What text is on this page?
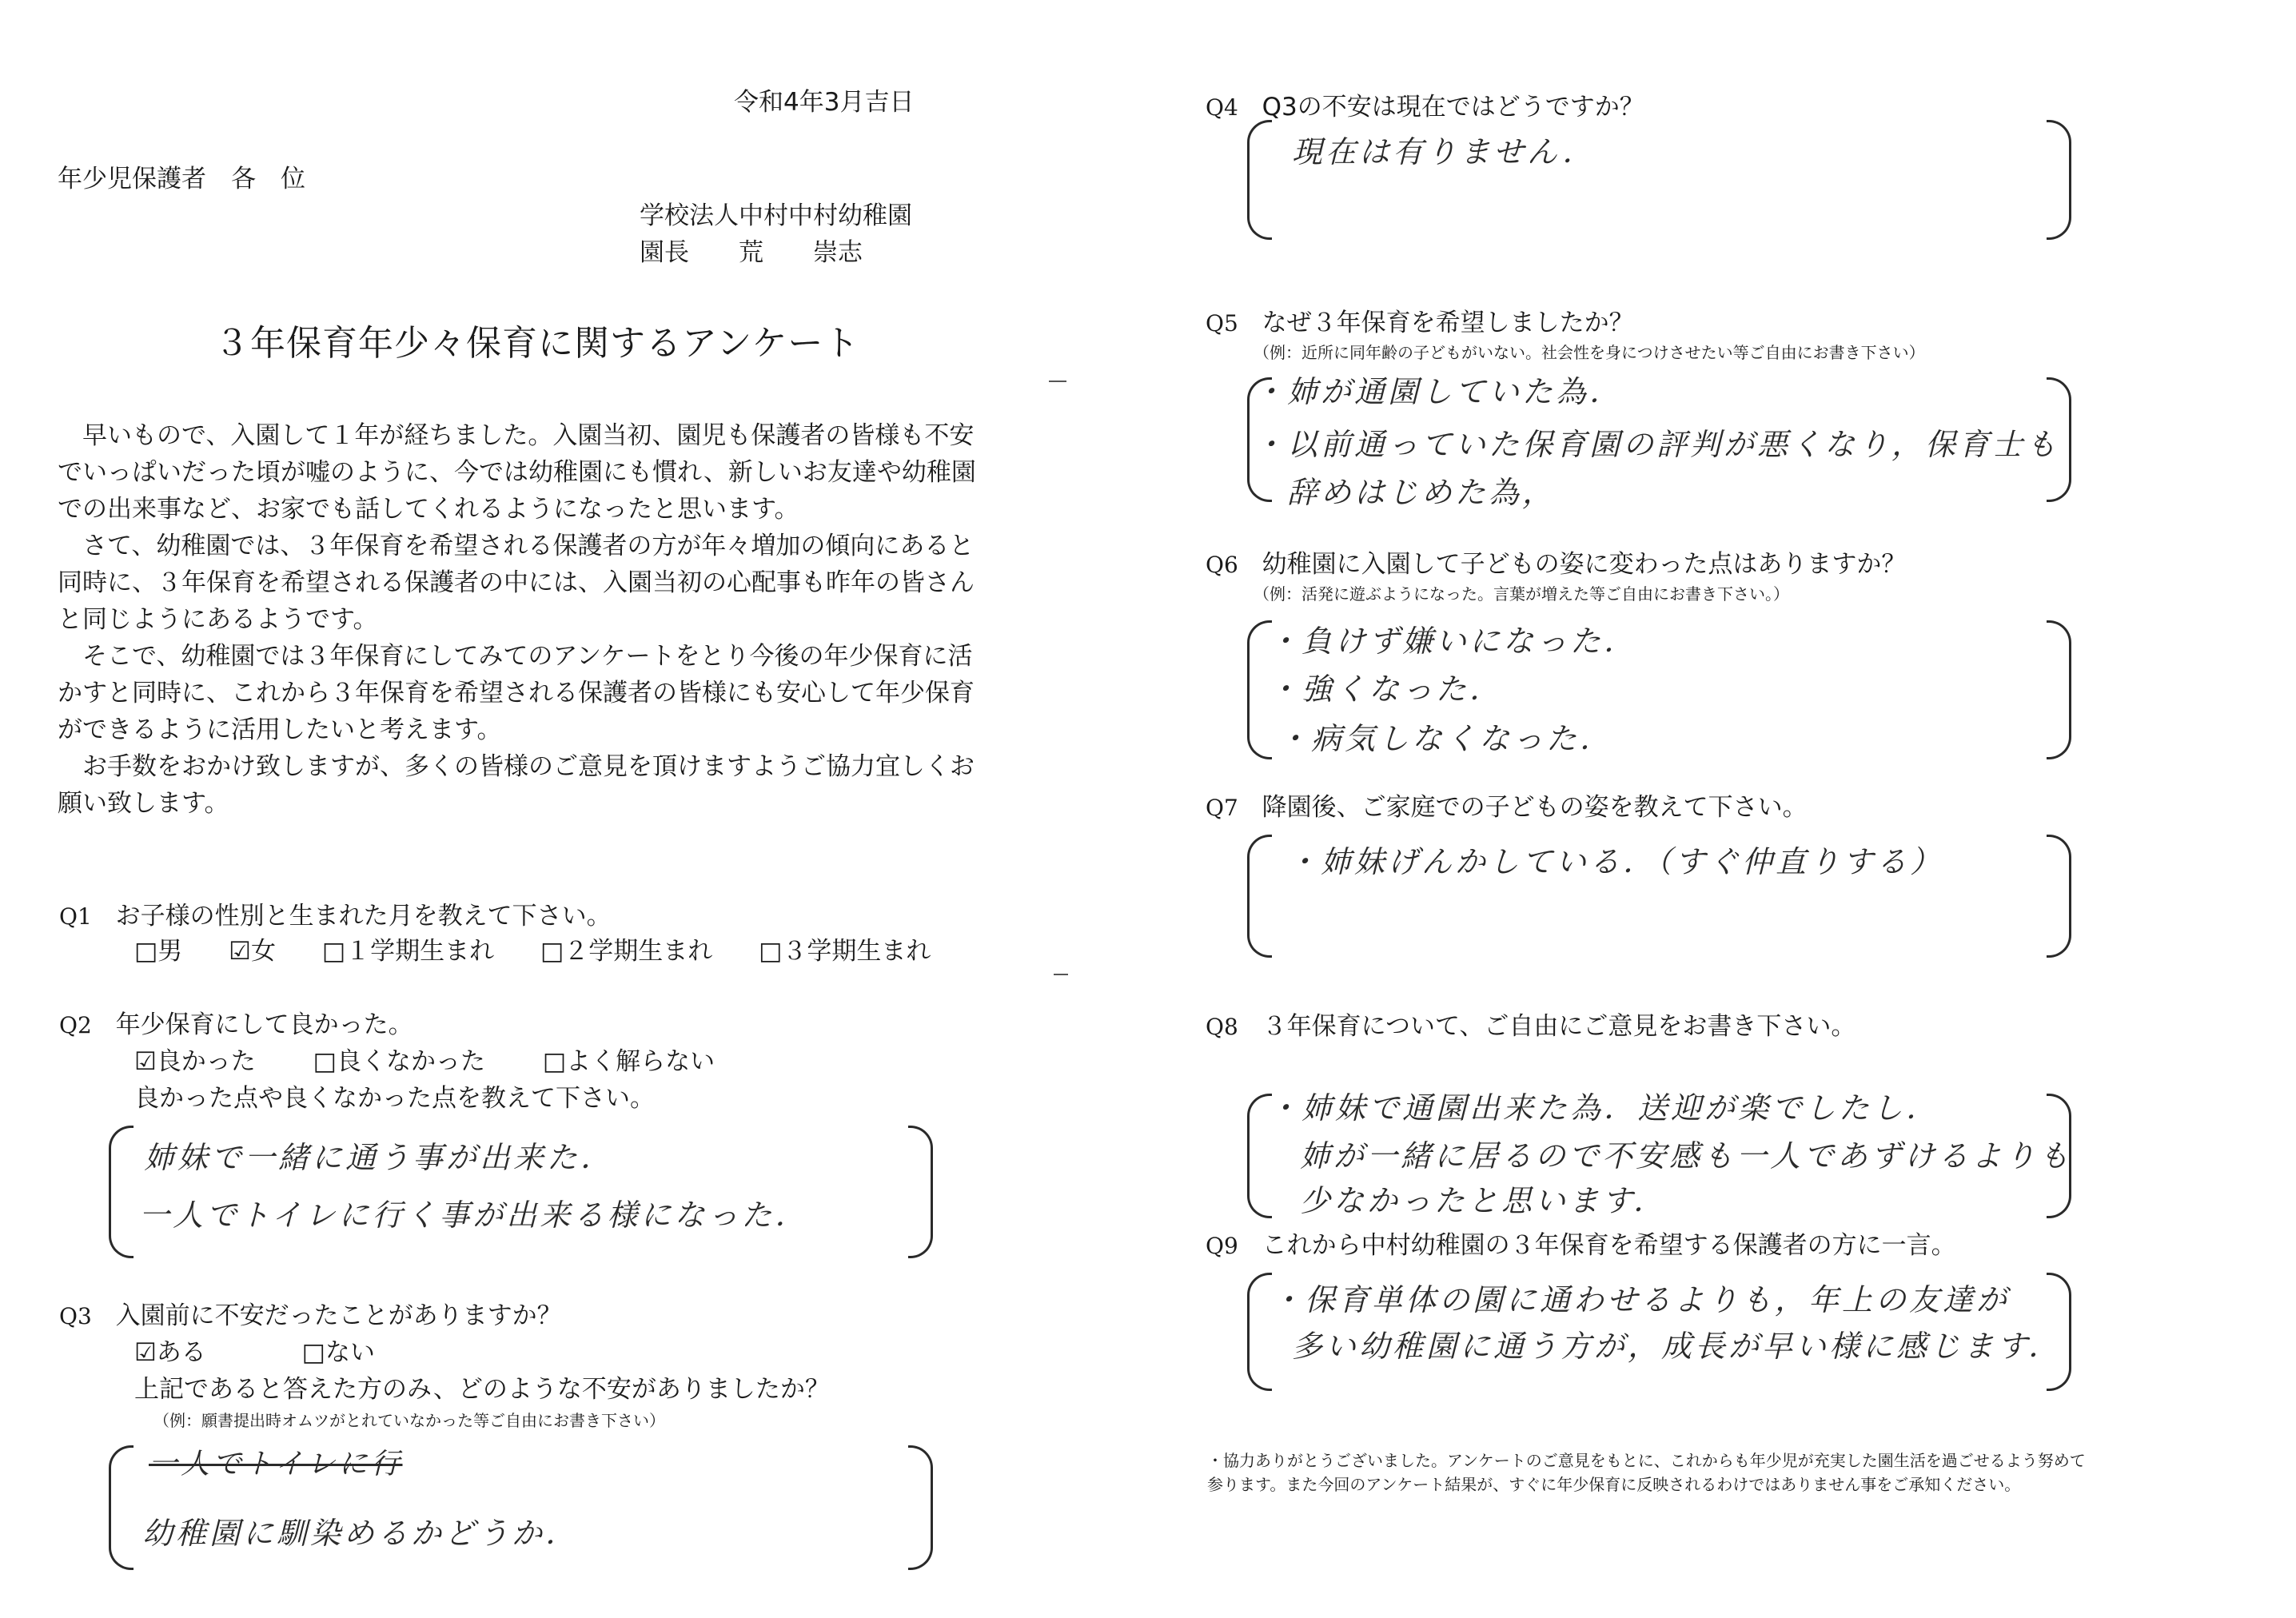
令和4年3月吉日
年少児保護者　各　位
学校法人中村中村幼稚園
園長　　荒　　崇志
３年保育年少々保育に関するアンケート
早いもので、入園して１年が経ちました。入園当初、園児も保護者の皆様も不安でいっぱいだった頃が嘘のように、今では幼稚園にも慣れ、新しいお友達や幼稚園での出来事など、お家でも話してくれるようになったと思います。
さて、幼稚園では、３年保育を希望される保護者の方が年々増加の傾向にあると同時に、３年保育を希望される保護者の中には、入園当初の心配事も昨年の皆さんと同じようにあるようです。
そこで、幼稚園では３年保育にしてみてのアンケートをとり今後の年少保育に活かすと同時に、これから３年保育を希望される保護者の皆様にも安心して年少保育ができるように活用したいと考えます。
お手数をおかけ致しますが、多くの皆様のご意見を頂けますようご協力宜しくお願い致します。
Q1 お子様の性別と生まれた月を教えて下さい。
□男 ☑女 □１学期生まれ □２学期生まれ □３学期生まれ
Q2 年少保育にして良かった。
☑良かった □良くなかった □よく解らない
良かった点や良くなかった点を教えて下さい。
姉妹で一緒に通う事が出来た．
一人でトイレに行く事が出来る様になった．
Q3 入園前に不安だったことがありますか？
☑ある	□ない
上記であると答えた方のみ、どのような不安がありましたか？
（例：願書提出時オムツがとれていなかった等ご自由にお書き下さい）
一人でトイレに行
幼稚園に馴染めるかどうか．
Q4 Q3の不安は現在ではどうですか？
現在は有りません．
Q5 なぜ３年保育を希望しましたか？
（例：近所に同年齢の子どもがいない。社会性を身につけさせたい等ご自由にお書き下さい）
・姉が通園していた為．
・以前通っていた保育園の評判が悪くなり，保育士も
辞めはじめた為，
Q6 幼稚園に入園して子どもの姿に変わった点はありますか？
（例：活発に遊ぶようになった。言葉が増えた等ご自由にお書き下さい。）
・負けず嫌いになった．
・強くなった．
・病気しなくなった．
Q7 降園後、ご家庭での子どもの姿を教えて下さい。
・姉妹げんかしている．（すぐ仲直りする）
Q8 ３年保育について、ご自由にご意見をお書き下さい。
・姉妹で通園出来た為．送迎が楽でしたし．
姉が一緒に居るので不安感も一人であずけるよりも
少なかったと思います．
Q9 これから中村幼稚園の３年保育を希望する保護者の方に一言。
・保育単体の園に通わせるよりも，年上の友達が
多い幼稚園に通う方が，成長が早い様に感じます．
・協力ありがとうございました。アンケートのご意見をもとに、これからも年少児が充実した園生活を過ごせるよう努めて参ります。また今回のアンケート結果が、すぐに年少保育に反映されるわけではありません事をご承知ください。
